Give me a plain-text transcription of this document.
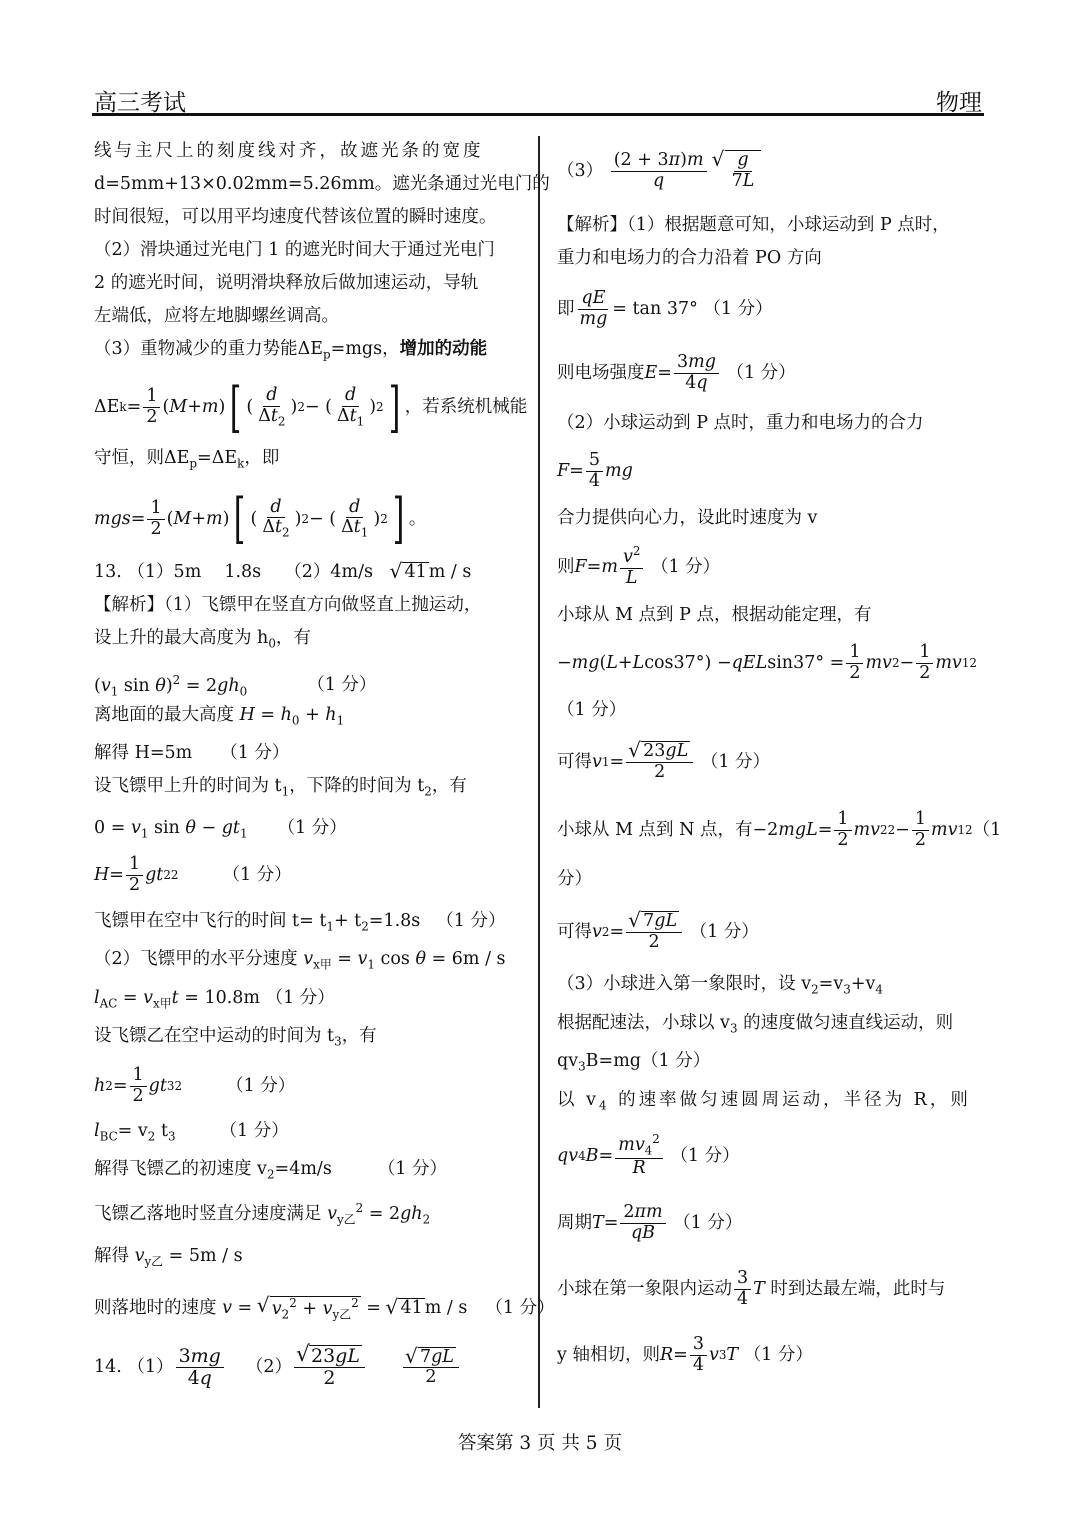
高三考试	物理
线与主尺上的刻度线对齐，故遮光条的宽度
d=5mm+13×0.02mm=5.26mm。遮光条通过光电门的
时间很短，可以用平均速度代替该位置的瞬时速度。
（2）滑块通过光电门 1 的遮光时间大于通过光电门
2 的遮光时间，说明滑块释放后做加速运动，导轨
左端低，应将左地脚螺丝调高。
（3）重物减少的重力势能$\Delta E_p=mgs$，增加的动能
ΔE $k = \frac{1}{2}$ ( M + m ) [ ( $\frac{d}{\Delta t_2}$ ) 2 − ( $\frac{d}{\Delta t_1}$ ) 2 ] ，若系统机械能
守恒，则$\Delta E_p=\Delta E_k$，即
mgs = $\frac{1}{2}$ ( M + m ) [ ( $\frac{d}{\Delta t_2}$ ) 2 − ( $\frac{d}{\Delta t_1}$ ) 2 ] 。
13. （1）5m　 1.8s　 （2）4m/s　√ 41 m / s
【解析】（1）飞镖甲在竖直方向做竖直上抛运动，
设上升的最大高度为 $h_0$，有
($v_1$ $\sin \theta)^2 = 2gh_0$	（1 分）
离地面的最大高度 $H = h_0 + h_1$
解得 H=5m （1 分）
设飞镖甲上升的时间为 $t_1$，下降的时间为 $t_2$，有
$0 = v_1$ $\sin \theta - gt_1$ （1 分）
$H = \frac{1}{2}$ gt 2 2	（1 分）
飞镖甲在空中飞行的时间 $t= t_1+ t_2=1.8s$ （1 分）
（2）飞镖甲的水平分速度 $v_{x甲} = v_1$ cos θ = 6m / s
$l_{AC} = v_{x甲}t = 10.8m$ （1 分）
设飞镖乙在空中运动的时间为 $t_3$，有
h $2 = \frac{1}{2}$ gt 3 2	（1 分）
$l_{BC}= v_2$ $t_3$	（1 分）
解得飞镖乙的初速度 $v_2=4m/s$	（1 分）
飞镖乙落地时竖直分速度满足 $v_{y乙}^2 = 2gh_2$
解得 $v_{y乙} = 5m / s$
则落地时的速度 v = √ $v_2^2 + v_{y乙}^2$ = √ 41 m / s （1 分）
14.
$(1) \frac{3mg}{4q} (2)$ √ $\frac{23gL}{2}$ √ $\frac{7gL}{2}$
（3）
$\frac{(2 + 3\pi)m}{q}$ √ $\frac{g}{7L}$
【解析】（1）根据题意可知，小球运动到 P 点时，
重力和电场力的合力沿着 PO 方向
即 $\frac{qE}{mg} = \tan 37^\circ$
（1 分）
则电场强度 $E = \frac{3mg}{4q}$
（1 分）
（2）小球运动到 P 点时，重力和电场力的合力
$F = \frac{5}{4}$ mg
合力提供向心力，设此时速度为 v
则 F = m $\frac{v^2}{L}$
（1 分）
小球从 M 点到 P 点，根据动能定理，有
− mg ( L + L cos37°) − qEL $\sin 37^\circ = \frac{1}{2}$ mv $2 - \frac{1}{2}$ mv 1 2
（1 分）
可得 v 1 = √ $\frac{23gL}{2}$
（1 分）
小球从 M 点到 N 点，有 −2 mgL = $\frac{1}{2}$ mv 2 $2 - \frac{1}{2}$ mv 1 2 （1
分）
可得 v 2 = √ $\frac{7gL}{2}$
（1 分）
（3）小球进入第一象限时，设 $v_2=v_3+v_4$
根据配速法，小球以 $v_3$ 的速度做匀速直线运动，则
$qv_3B=mg(1$ 分）
以 $v_4$ 的速率做匀速圆周运动，半径为 R，则
qv 4 $B = \frac{mv_4^2}{R}$
（1 分）
周期 $T = \frac{2\pi m}{qB}$
（1 分）
小球在第一象限内运动 $\frac{3}{4}$ T
时到达最左端，此时与
y 轴相切，则 $R = \frac{3}{4}$ v 3 T
（1 分）
答案第 3 页 共 5 页
